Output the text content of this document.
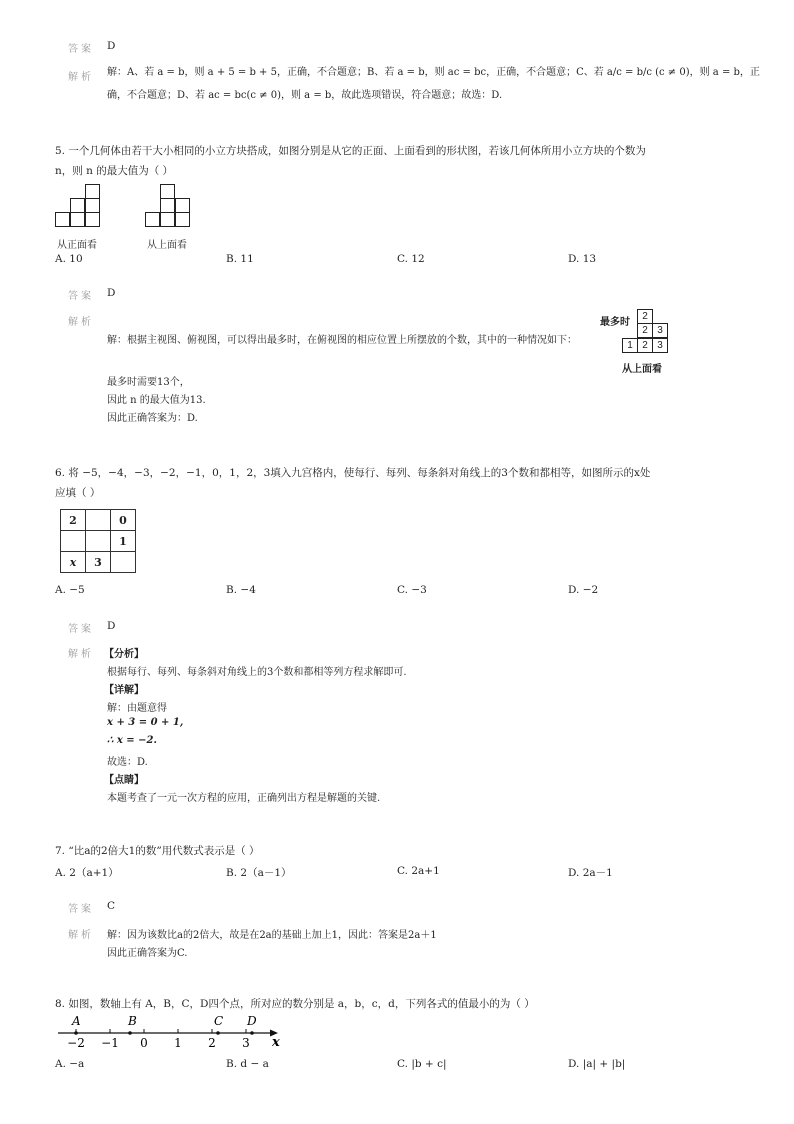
答案 D
解析 解：A、若 a = b，则 a + 5 = b + 5，正确，不合题意；B、若 a = b，则 ac = bc，正确，不合题意；C、若 a/c = b/c (c ≠ 0)，则 a = b，正
确，不合题意；D、若 ac = bc(c ≠ 0)，则 a = b，故此选项错误，符合题意；故选：D.
5. 一个几何体由若干大小相同的小立方块搭成，如图分别是从它的正面、上面看到的形状图，若该几何体所用小立方块的个数为
n，则 n 的最大值为（ ）
从正面看	从上面看
A. 10	B. 11	C. 12	D. 13
答案 D
解析
解：根据主视图、俯视图，可以得出最多时，在俯视图的相应位置上所摆放的个数，其中的一种情况如下：
最多时
2
2 3
1 2 3
从上面看
最多时需要13个，
因此 n 的最大值为13.
因此正确答案为：D.
6. 将 −5，−4，−3，−2，−1，0，1，2，3填入九宫格内，使每行、每列、每条斜对角线上的3个数和都相等，如图所示的x处
应填（ ）
2		0
		1
x	3	
A. −5	B. −4	C. −3	D. −2
答案 D
解析 【分析】
根据每行、每列、每条斜对角线上的3个数和都相等列方程求解即可.
【详解】
解：由题意得
x + 3 = 0 + 1,
∴ x = −2.
故选：D.
【点睛】
本题考查了一元一次方程的应用，正确列出方程是解题的关键.
7. “比a的2倍大1的数”用代数式表示是（ ）
A. 2（a+1）	B. 2（a－1）	C. 2a+1	D. 2a－1
答案 C
解析 解：因为该数比a的2倍大，故是在2a的基础上加上1，因此：答案是2a＋1
因此正确答案为C.
8. 如图，数轴上有 A，B，C，D四个点，所对应的数分别是 a，b，c，d，下列各式的值最小的为（ ）
−2 −1 0 1 2 3 x
A	B	C D
A. −a	B. d − a	C. |b + c|	D. |a| + |b|
